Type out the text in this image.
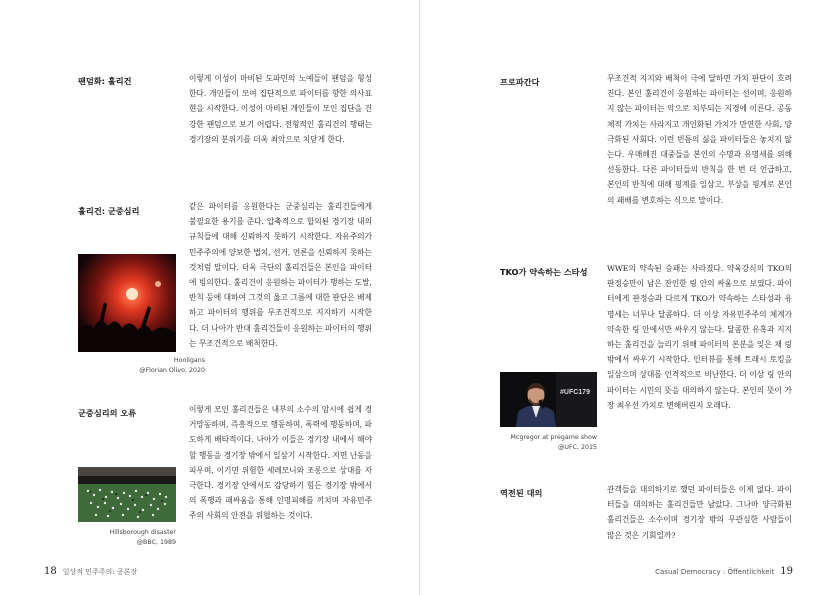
팬덤화: 훌리건	이렇게 이성이 마비된 도파민의 노예들이 팬덤을 형성한다. 개인들이 모여 집단적으로 파이터를 향한 의사표현을 시작한다. 이성이 마비된 개인들이 모인 집단을 건강한 팬덤으로 보기 어렵다. 전형적인 훌리건의 행태는 경기장의 분위기를 더욱 최악으로 치닫게 한다.
훌리건: 군중심리	같은 파이터를 응원한다는 군중심리는 훌리건들에게 불필요한 용기를 준다. 압축적으로 합의된 경기장 내의 규칙들에 대해 신뢰하지 못하기 시작한다. 자유주의가 민주주의에 양보한 법치, 선거, 언론을 신뢰하지 못하는 것처럼 말이다. 더욱 극단의 훌리건들은 본인을 파이터에 빙의한다. 훌리건이 응원하는 파이터가 행하는 도발, 반칙 등에 대하여 그것의 옳고 그름에 대한 판단은 배제하고 파이터의 행위를 무조건적으로 지지하기 시작한다. 더 나아가 반대 훌리건들이 응원하는 파이터의 행위는 무조건적으로 배척한다.
Hooligans
@Florian Olivo, 2020
군중심리의 오류	이렇게 모인 훌리건들은 내부의 소수의 암시에 쉽게 경거망동하며, 즉흥적으로 행동하며, 폭력에 행동하며, 파도하게 배타적이다. 나아가 이들은 경기장 내에서 해야 할 행동을 경기장 밖에서 일삼기 시작한다. 지면 난동을 피우며, 이기면 위험한 세레모니와 조롱으로 상대를 자극한다. 경기장 안에서도 감당하기 힘든 경기장 밖에서의 폭행과 패싸움을 통해 인명피해를 끼치며 자유민주주의 사회의 안전을 위협하는 것이다.
Hillsborough disaster
@BBC, 1989
18 일상적 민주주의: 공론장
프로파간다	무조건적 지지와 배척이 극에 달하면 가치 판단이 흐려진다. 본인 훌리건이 응원하는 파이터는 선이며, 응원하지 않는 파이터는 악으로 치부되는 지경에 이른다. 공동체적 가치는 사라지고 개인화된 가치가 만연한 사회, 양극화된 사회다. 이런 빈틈의 싫을 파이터들은 놓치지 않는다. 우매해진 대중들을 본인의 수명과 유명세를 위해 선동한다. 다른 파이터들의 반칙을 한 번 더 언급하고, 본인의 반칙에 대해 핑계를 일삼고, 부상을 핑계로 본인의 패배를 변호하는 식으로 말이다.
TKO가 약속하는 스타성	WWE의 약속된 승패는 사라졌다. 약육강식의 TKO의 판정승만이 남은 잔인한 링 안의 싸움으로 보였다. 파이터에게 판정승과 다르게 TKO가 약속하는 스타성과 유명세는 너무나 달콤하다. 더 이상 자유민주주의 체계가 약속한 링 안에서만 싸우지 않는다. 달콤한 유혹과 지지하는 훌리건을 늘리기 위해 파이터의 본분을 잊은 채 링 밖에서 싸우기 시작한다. 인터뷰를 통해 트래시 토킹을 일삼으며 상대를 인격적으로 비난한다. 더 이상 링 안의 파이터는 시민의 뜻을 대의하지 않는다. 본인의 뜻이 가장 최우선 가치로 변해버린지 오래다.
#UFC179
Mcgregor at pregame show
@UFC, 2015
역전된 대의	관객들을 대의하기로 했던 파이터들은 이제 없다. 파이터들을 대의하는 훌리건들만 남았다. 그나마 양극화된 훌리건들은 소수이며 경기장 밖의 무관심한 사람들이 많은 것은 기회일까?
Casual Democracy : Öffentlichkeit 19
